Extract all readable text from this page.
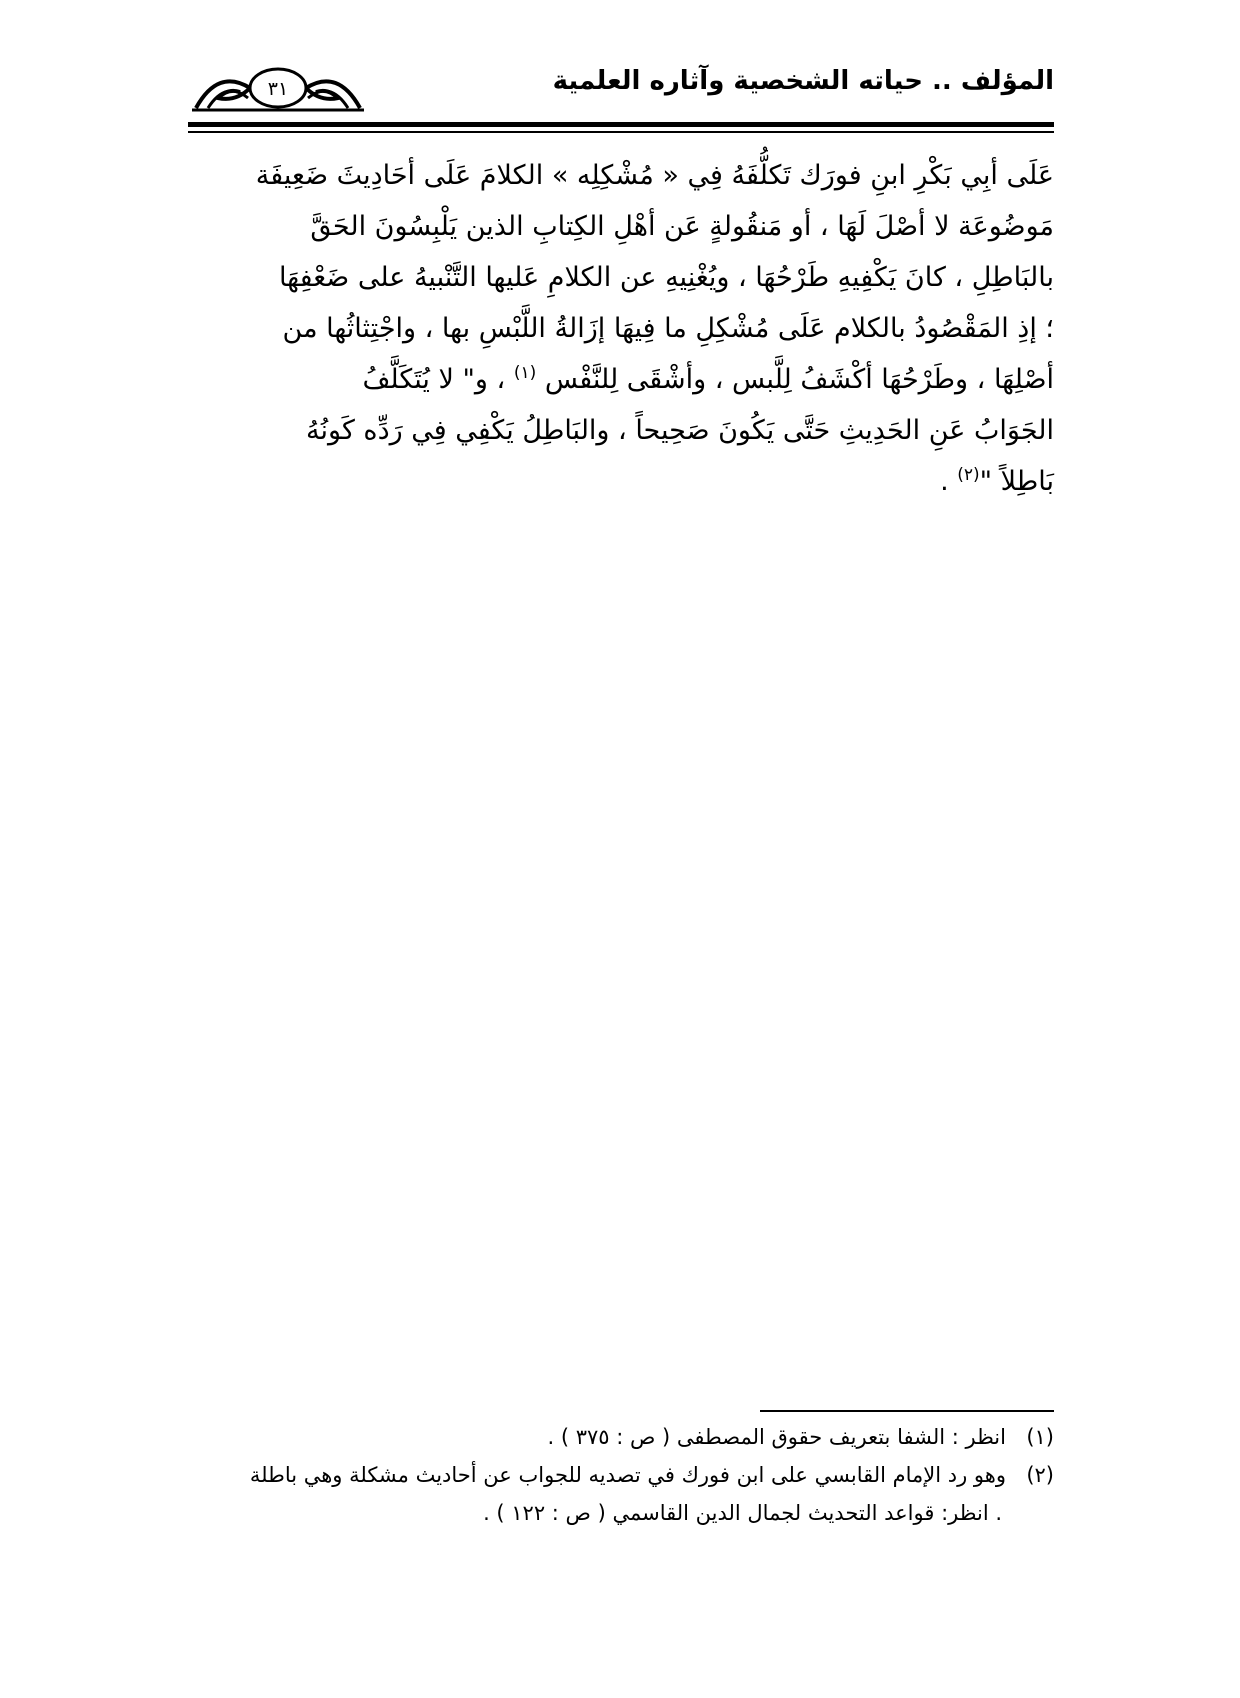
المؤلف .. حياته الشخصية وآثاره العلمية
٣١
عَلَى أبِي بَكْرِ ابنِ فورَك تَكلُّفَهُ فِي « مُشْكِلِه » الكلامَ عَلَى أحَادِيثَ ضَعِيفَة
مَوضُوعَة لا أصْلَ لَهَا ، أو مَنقُولةٍ عَن أهْلِ الكِتابِ الذين يَلْبِسُونَ الحَقَّ
بالبَاطِلِ ، كانَ يَكْفِيهِ طَرْحُهَا ، ويُغْنِيهِ عن الكلامِ عَليها التَّنْبيهُ على ضَعْفِهَا
؛ إذِ المَقْصُودُ بالكلام عَلَى مُشْكِلِ ما فِيهَا إزَالةُ اللَّبْسِ بها ، واجْتِثاثُها من
أصْلِهَا ، وطَرْحُهَا أكْشَفُ لِلَّبس ، وأشْقَى لِلنَّفْس $^{(١)}$ ، و" لا يُتَكَلَّفُ
الجَوَابُ عَنِ الحَدِيثِ حَتَّى يَكُونَ صَحِيحاً ، والبَاطِلُ يَكْفِي فِي رَدِّه كَونُهُ
بَاطِلاً "$^{(٢)}$ .
(١)انظر : الشفا بتعريف حقوق المصطفى ( ص : ٣٧٥ ) .
(٢)وهو رد الإمام القابسي على ابن فورك في تصديه للجواب عن أحاديث مشكلة وهي باطلة
. انظر: قواعد التحديث لجمال الدين القاسمي ( ص : ١٢٢ ) .
